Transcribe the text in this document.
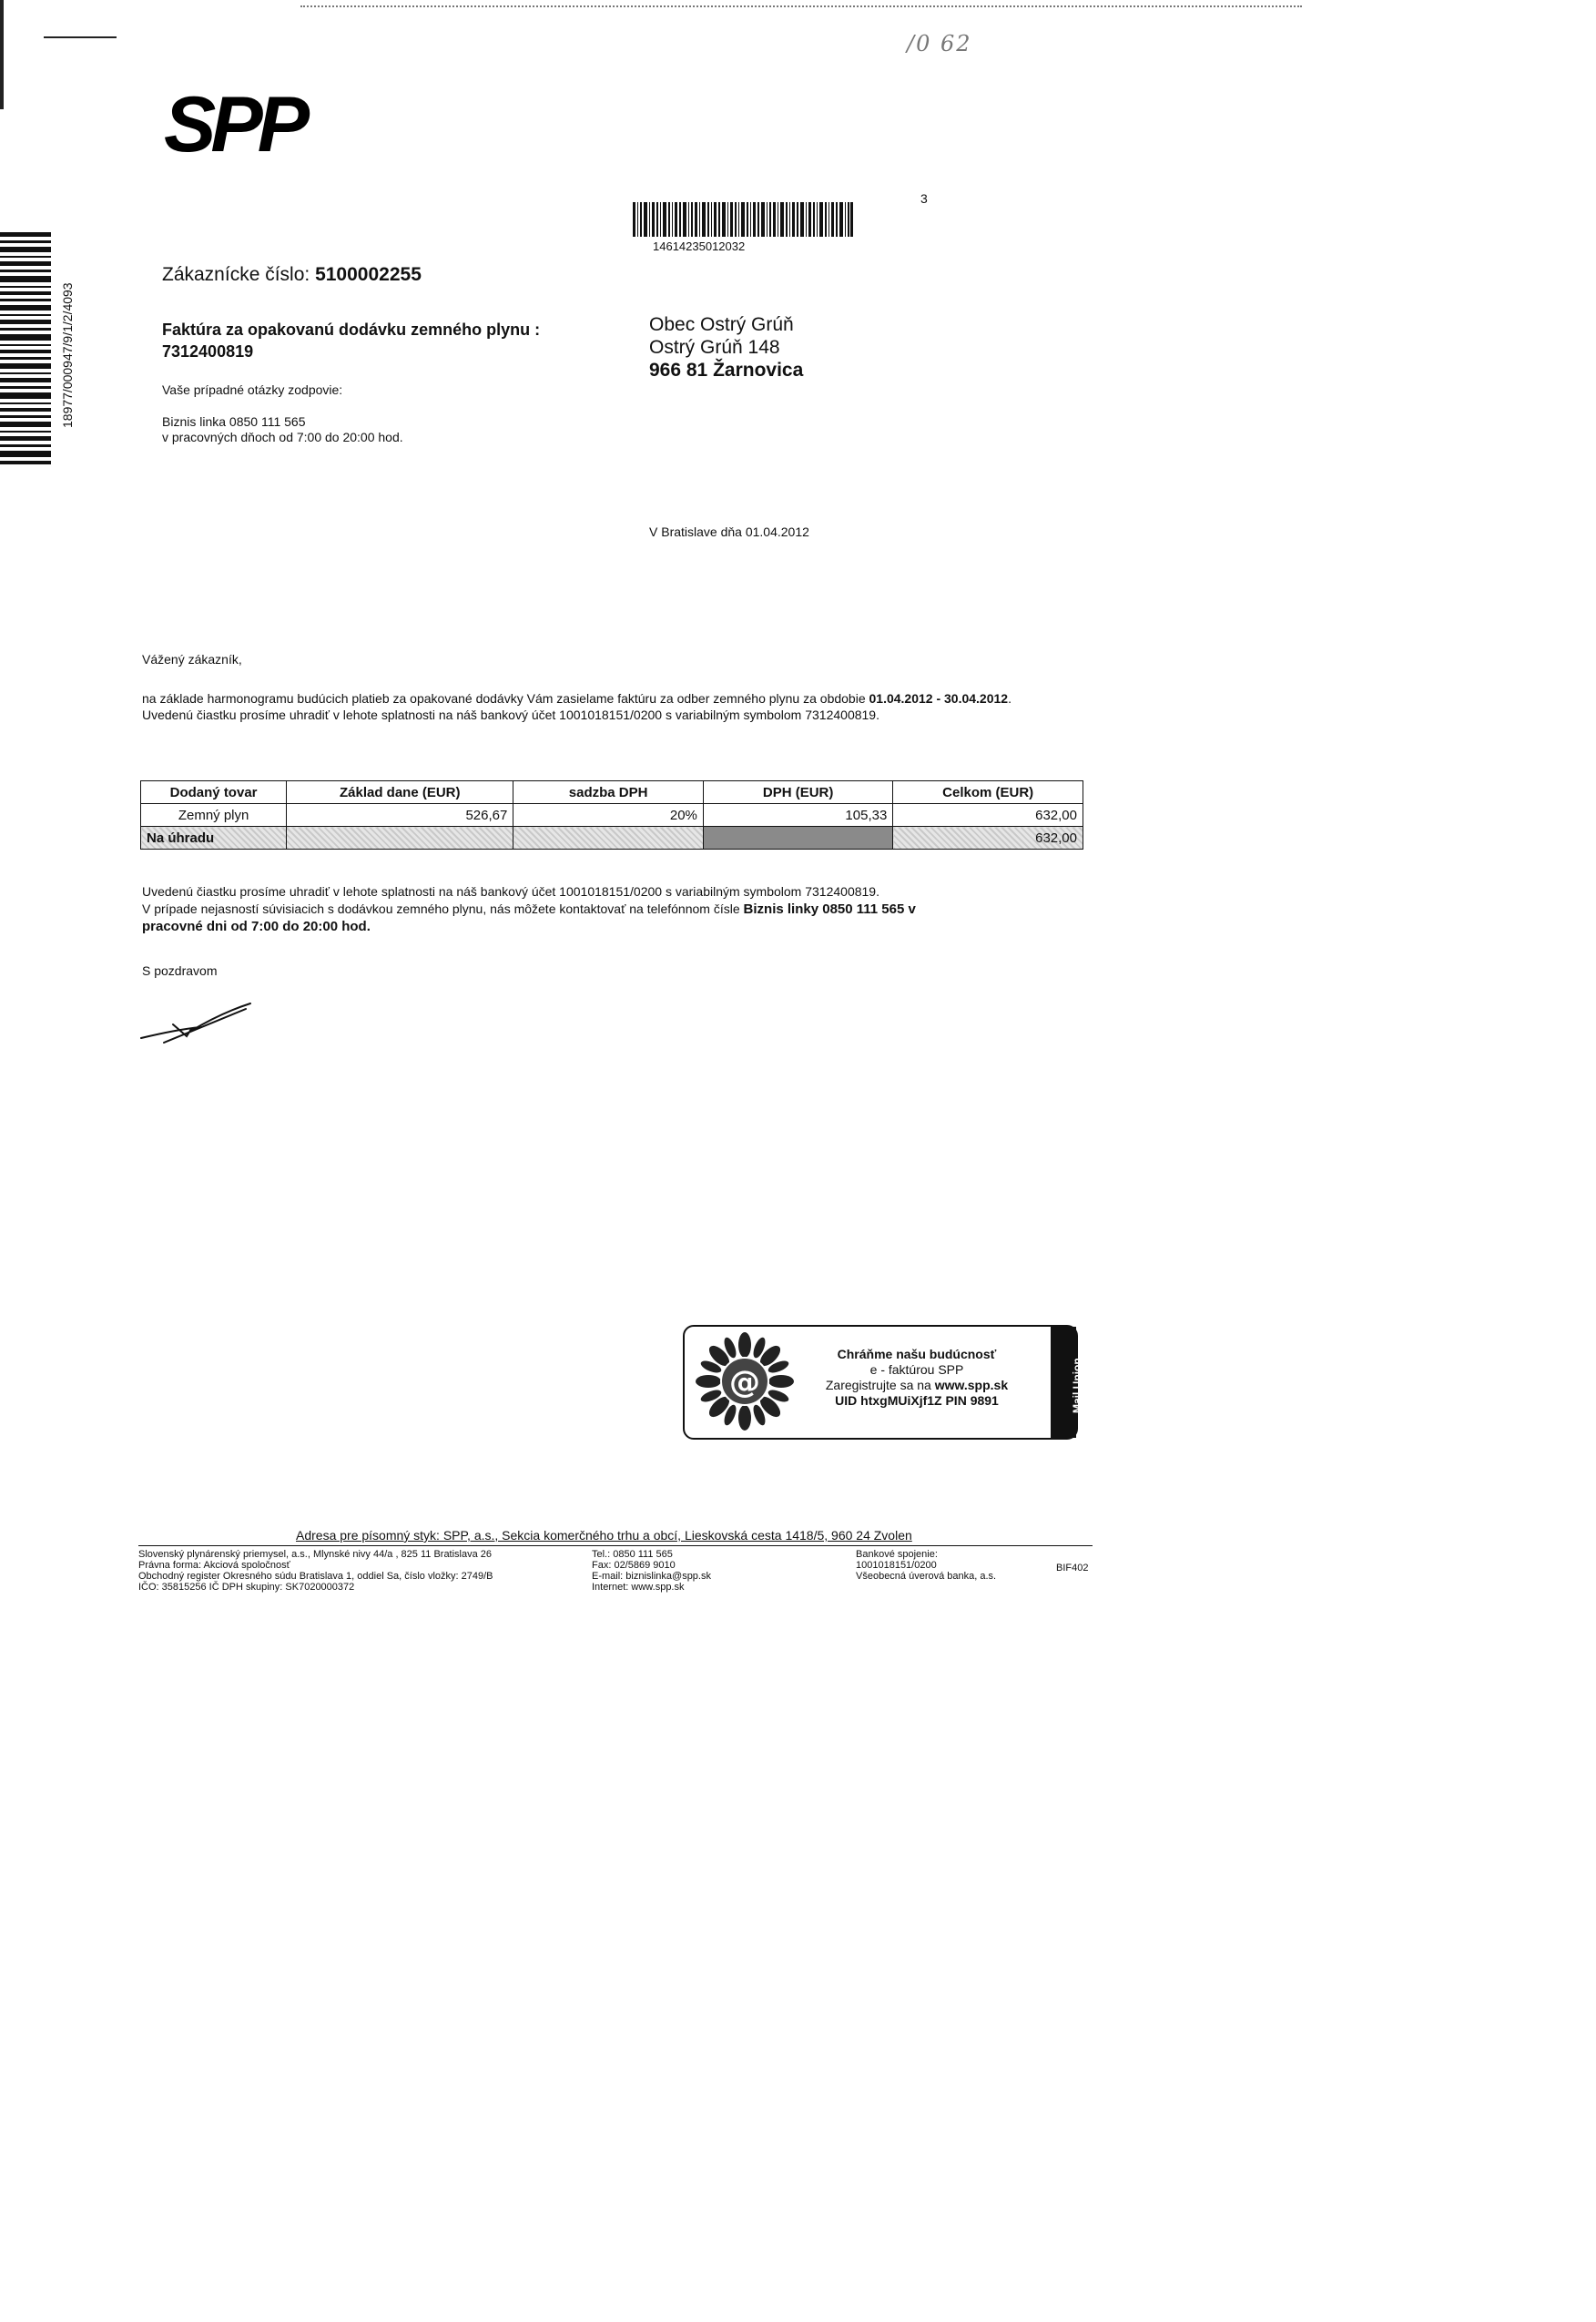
/0 62
SPP
18977/000947/9/1/2/4093
14614235012032
3
Zákaznícke číslo: 5100002255
Faktúra za opakovanú dodávku zemného plynu :
7312400819
Vaše prípadné otázky zodpovie:
Biznis linka 0850 111 565
v pracovných dňoch od 7:00 do 20:00 hod.
Obec Ostrý Grúň
Ostrý Grúň 148
966 81 Žarnovica
V Bratislave dňa 01.04.2012
Vážený zákazník,
na základe harmonogramu budúcich platieb za opakované dodávky Vám zasielame faktúru za odber zemného plynu za obdobie 01.04.2012 - 30.04.2012.
Uvedenú čiastku prosíme uhradiť v lehote splatnosti na náš bankový účet 1001018151/0200 s variabilným symbolom 7312400819.
Dodaný tovar	Základ dane (EUR)	sadzba DPH	DPH (EUR)	Celkom (EUR)
Zemný plyn	526,67	20%	105,33	632,00
Na úhradu				632,00
Uvedenú čiastku prosíme uhradiť v lehote splatnosti na náš bankový účet 1001018151/0200 s variabilným symbolom 7312400819.
V prípade nejasností súvisiacich s dodávkou zemného plynu, nás môžete kontaktovať na telefónnom čísle Biznis linky 0850 111 565 v
pracovné dni od 7:00 do 20:00 hod.
S pozdravom
@
Chráňme našu budúcnosť
e - faktúrou SPP
Zaregistrujte sa na www.spp.sk
UID htxgMUiXjf1Z PIN 9891	Mail Union
Adresa pre písomný styk: SPP, a.s., Sekcia komerčného trhu a obcí, Lieskovská cesta 1418/5, 960 24 Zvolen
Slovenský plynárenský priemysel, a.s., Mlynské nivy 44/a , 825 11 Bratislava 26
Právna forma: Akciová spoločnosť
Obchodný register Okresného súdu Bratislava 1, oddiel Sa, číslo vložky: 2749/B
IČO: 35815256 IČ DPH skupiny: SK7020000372
Tel.: 0850 111 565
Fax: 02/5869 9010
E-mail: biznislinka@spp.sk
Internet: www.spp.sk
Bankové spojenie:
1001018151/0200
Všeobecná úverová banka, a.s.
BIF402
